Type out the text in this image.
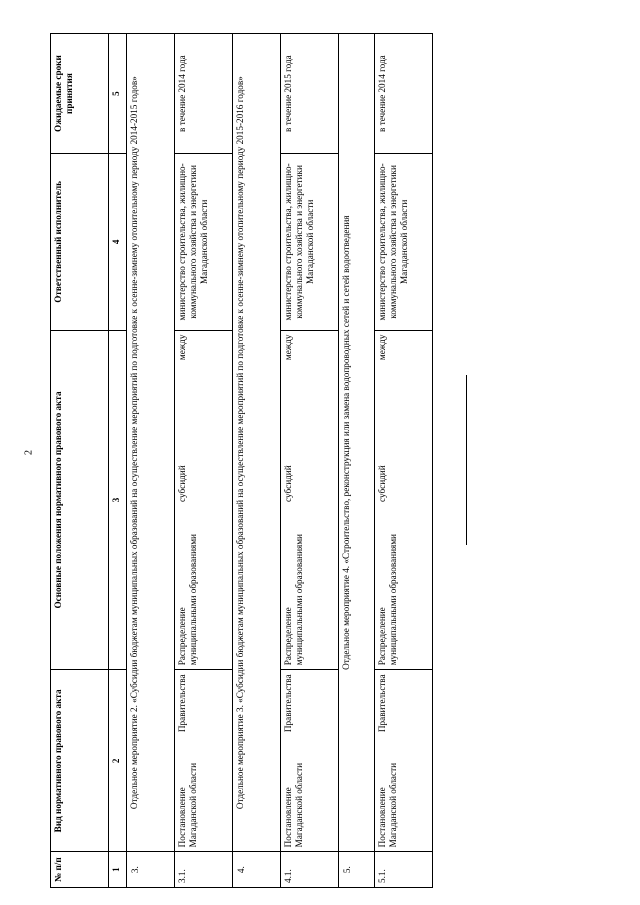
2
№ п/п	Вид нормативного правового акта	Основные положения нормативного правового акта	Ответственный исполнитель	Ожидаемые сроки принятия
1	2	3	4	5
3.	Отдельное мероприятие 2. «Субсидии бюджетам муниципальных образований на осуществление мероприятий по подготовке к осенне-зимнему отопительному периоду 2014-2015 годов»			
3.1.	Постановление Правительства Магаданской области	Распределение субсидий между муниципальными образованиями	министерство строительства, жилищно-коммунального хозяйства и энергетики Магаданской области	в течение 2014 года
4.	Отдельное мероприятие 3. «Субсидии бюджетам муниципальных образований на осуществление мероприятий по подготовке к осенне-зимнему отопительному периоду 2015-2016 годов»			
4.1.	Постановление Правительства Магаданской области	Распределение субсидий между муниципальными образованиями	министерство строительства, жилищно-коммунального хозяйства и энергетики Магаданской области	в течение 2015 года
5.	Отдельное мероприятие 4. «Строительство, реконструкция или замена водопроводных сетей и сетей водоотведения			
5.1.	Постановление Правительства Магаданской области	Распределение субсидий между муниципальными образованиями	министерство строительства, жилищно-коммунального хозяйства и энергетики Магаданской области	в течение 2014 года
